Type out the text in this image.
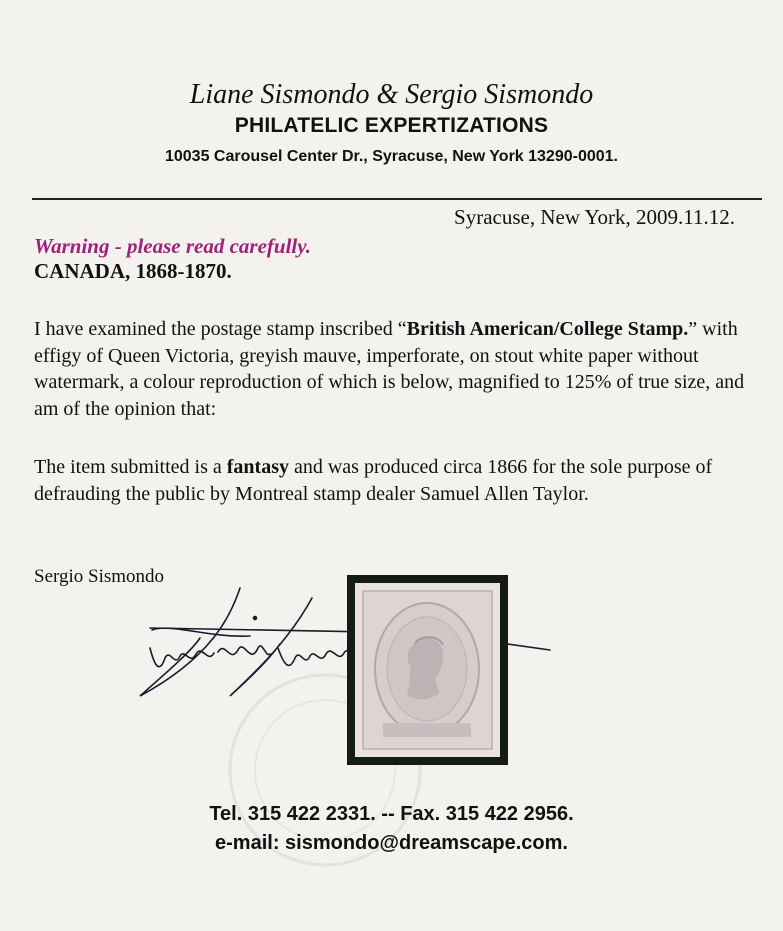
Liane Sismondo & Sergio Sismondo
PHILATELIC EXPERTIZATIONS
10035 Carousel Center Dr., Syracuse, New York 13290-0001.
Syracuse, New York, 2009.11.12.
Warning - please read carefully.
CANADA, 1868-1870.
I have examined the postage stamp inscribed “British American/College Stamp.” with effigy of Queen Victoria, greyish mauve, imperforate, on stout white paper without watermark, a colour reproduction of which is below, magnified to 125% of true size, and am of the opinion that:
The item submitted is a fantasy and was produced circa 1866 for the sole purpose of defrauding the public by Montreal stamp dealer Samuel Allen Taylor.
Sergio Sismondo
Tel. 315 422 2331. -- Fax. 315 422 2956.
e-mail: sismondo@dreamscape.com.
